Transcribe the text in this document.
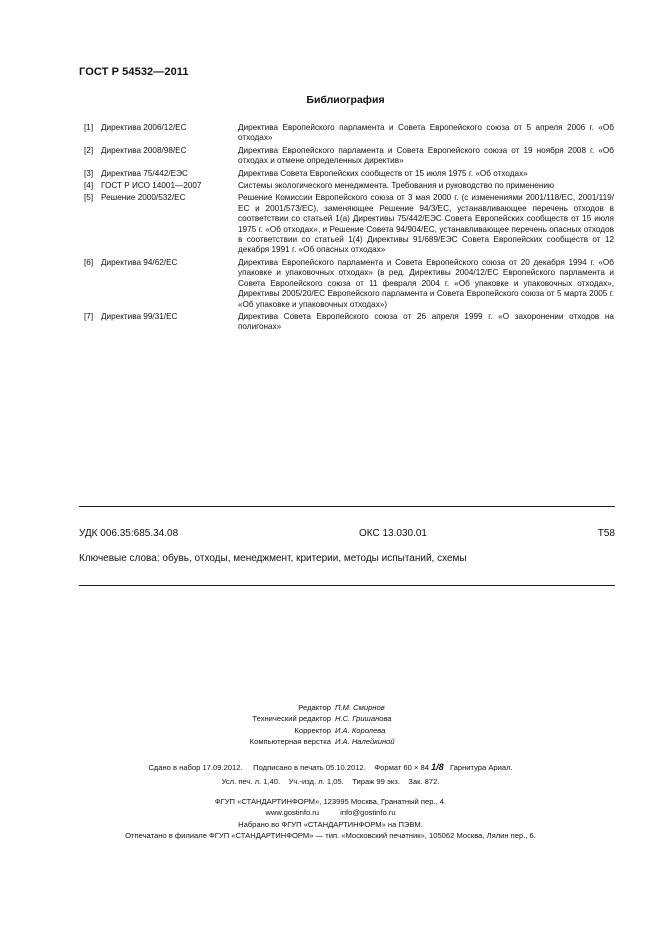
ГОСТ Р 54532—2011
Библиография
[1] Директива 2006/12/ЕС	Директива Европейского парламента и Совета Европейского союза от 5 апреля 2006 г. «Об отходах»
[2] Директива 2008/98/ЕС	Директива Европейского парламента и Совета Европейского союза от 19 ноября 2008 г. «Об отходах и отмене определенных директив»
[3] Директива 75/442/ЕЭС	Директива Совета Европейских сообществ от 15 июля 1975 г. «Об отходах»
[4] ГОСТ Р ИСО 14001—2007	Системы экологического менеджмента. Требования и руководство по применению
[5] Решение 2000/532/ЕС	Решение Комиссии Европейского союза от 3 мая 2000 г. (с изменениями 2001/118/ЕС, 2001/119/ЕС и 2001/573/ЕС), заменяющее Решение 94/3/ЕС, устанавливающее перечень отходов в соответствии со статьей 1(а) Директивы 75/442/ЕЭС Совета Европейских сообществ от 15 июля 1975 г. «Об отходах», и Решение Совета 94/904/ЕС, устанавливающее перечень опасных отходов в соответствии со статьей 1(4) Директивы 91/689/ЕЭС Совета Европейских сообществ от 12 декабря 1991 г. «Об опасных отходах»
[6] Директива 94/62/ЕС	Директива Европейского парламента и Совета Европейского союза от 20 декабря 1994 г. «Об упаковке и упаковочных отходах» (в ред. Директивы 2004/12/ЕС Европейского парламента и Совета Европейского союза от 11 февраля 2004 г. «Об упаковке и упаковочных отходах», Директивы 2005/20/ЕС Европейского парламента и Совета Европейского союза от 5 марта 2005 г. «Об упаковке и упаковочных отходах»)
[7] Директива 99/31/ЕС	Директива Совета Европейского союза от 26 апреля 1999 г. «О захоронении отходов на полигонах»
УДК 006.35:685.34.08	ОКС 13.030.01	Т58
Ключевые слова: обувь, отходы, менеджмент, критерии, методы испытаний, схемы
Редактор П.М. Смирнов
Технический редактор Н.С. Гришанова
Корректор И.А. Королева
Компьютерная верстка И.А. Налейкиной
Сдано в набор 17.09.2012. Подписано в печать 05.10.2012. Формат 60 × 84 1/8 Гарнитура Ариал.
Усл. печ. л. 1,40. Уч.-изд. л. 1,05. Тираж 99 экз. Зак. 872.
ФГУП «СТАНДАРТИНФОРМ», 123995 Москва, Гранатный пер., 4.
www.gostinfo.ru	info@gostinfo.ru
Набрано во ФГУП «СТАНДАРТИНФОРМ» на ПЭВМ.
Отпечатано в филиале ФГУП «СТАНДАРТИНФОРМ» — тип. «Московский печатник», 105062 Москва, Лялин пер., 6.
